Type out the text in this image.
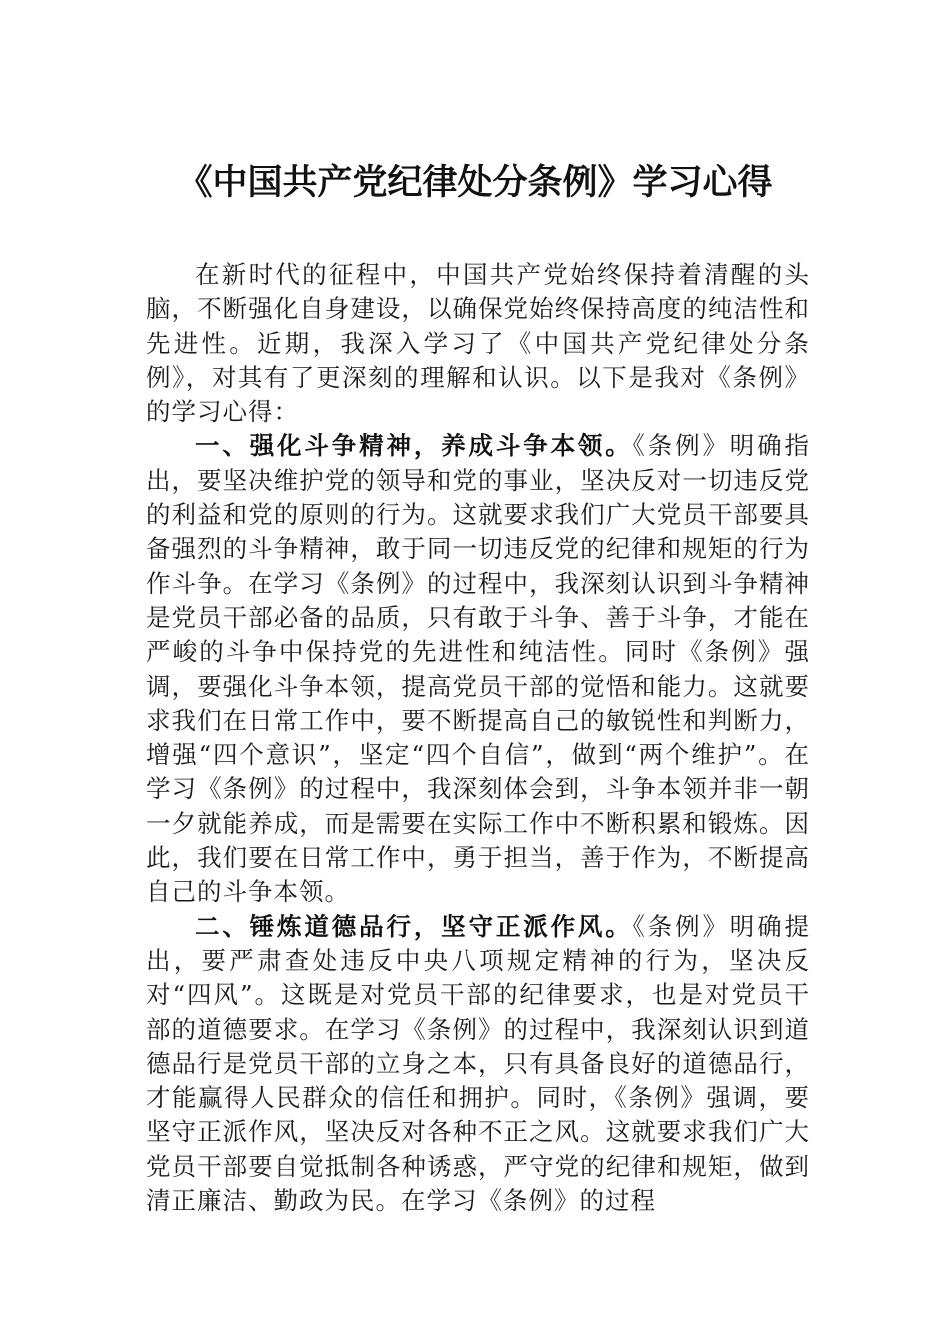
《中国共产党纪律处分条例》学习心得

在新时代的征程中，中国共产党始终保持着清醒的头脑，不断强化自身建设，以确保党始终保持高度的纯洁性和先进性。近期，我深入学习了《中国共产党纪律处分条例》，对其有了更深刻的理解和认识。以下是我对《条例》的学习心得：

一、强化斗争精神，养成斗争本领。《条例》明确指出，要坚决维护党的领导和党的事业，坚决反对一切违反党的利益和党的原则的行为。这就要求我们广大党员干部要具备强烈的斗争精神，敢于同一切违反党的纪律和规矩的行为作斗争。在学习《条例》的过程中，我深刻认识到斗争精神是党员干部必备的品质，只有敢于斗争、善于斗争，才能在严峻的斗争中保持党的先进性和纯洁性。同时《条例》强调，要强化斗争本领，提高党员干部的觉悟和能力。这就要求我们在日常工作中，要不断提高自己的敏锐性和判断力，增强“四个意识”，坚定“四个自信”，做到“两个维护”。在学习《条例》的过程中，我深刻体会到，斗争本领并非一朝一夕就能养成，而是需要在实际工作中不断积累和锻炼。因此，我们要在日常工作中，勇于担当，善于作为，不断提高自己的斗争本领。

二、锤炼道德品行，坚守正派作风。《条例》明确提出，要严肃查处违反中央八项规定精神的行为，坚决反对“四风”。这既是对党员干部的纪律要求，也是对党员干部的道德要求。在学习《条例》的过程中，我深刻认识到道德品行是党员干部的立身之本，只有具备良好的道德品行，才能赢得人民群众的信任和拥护。同时，《条例》强调，要坚守正派作风，坚决反对各种不正之风。这就要求我们广大党员干部要自觉抵制各种诱惑，严守党的纪律和规矩，做到清正廉洁、勤政为民。在学习《条例》的过程
